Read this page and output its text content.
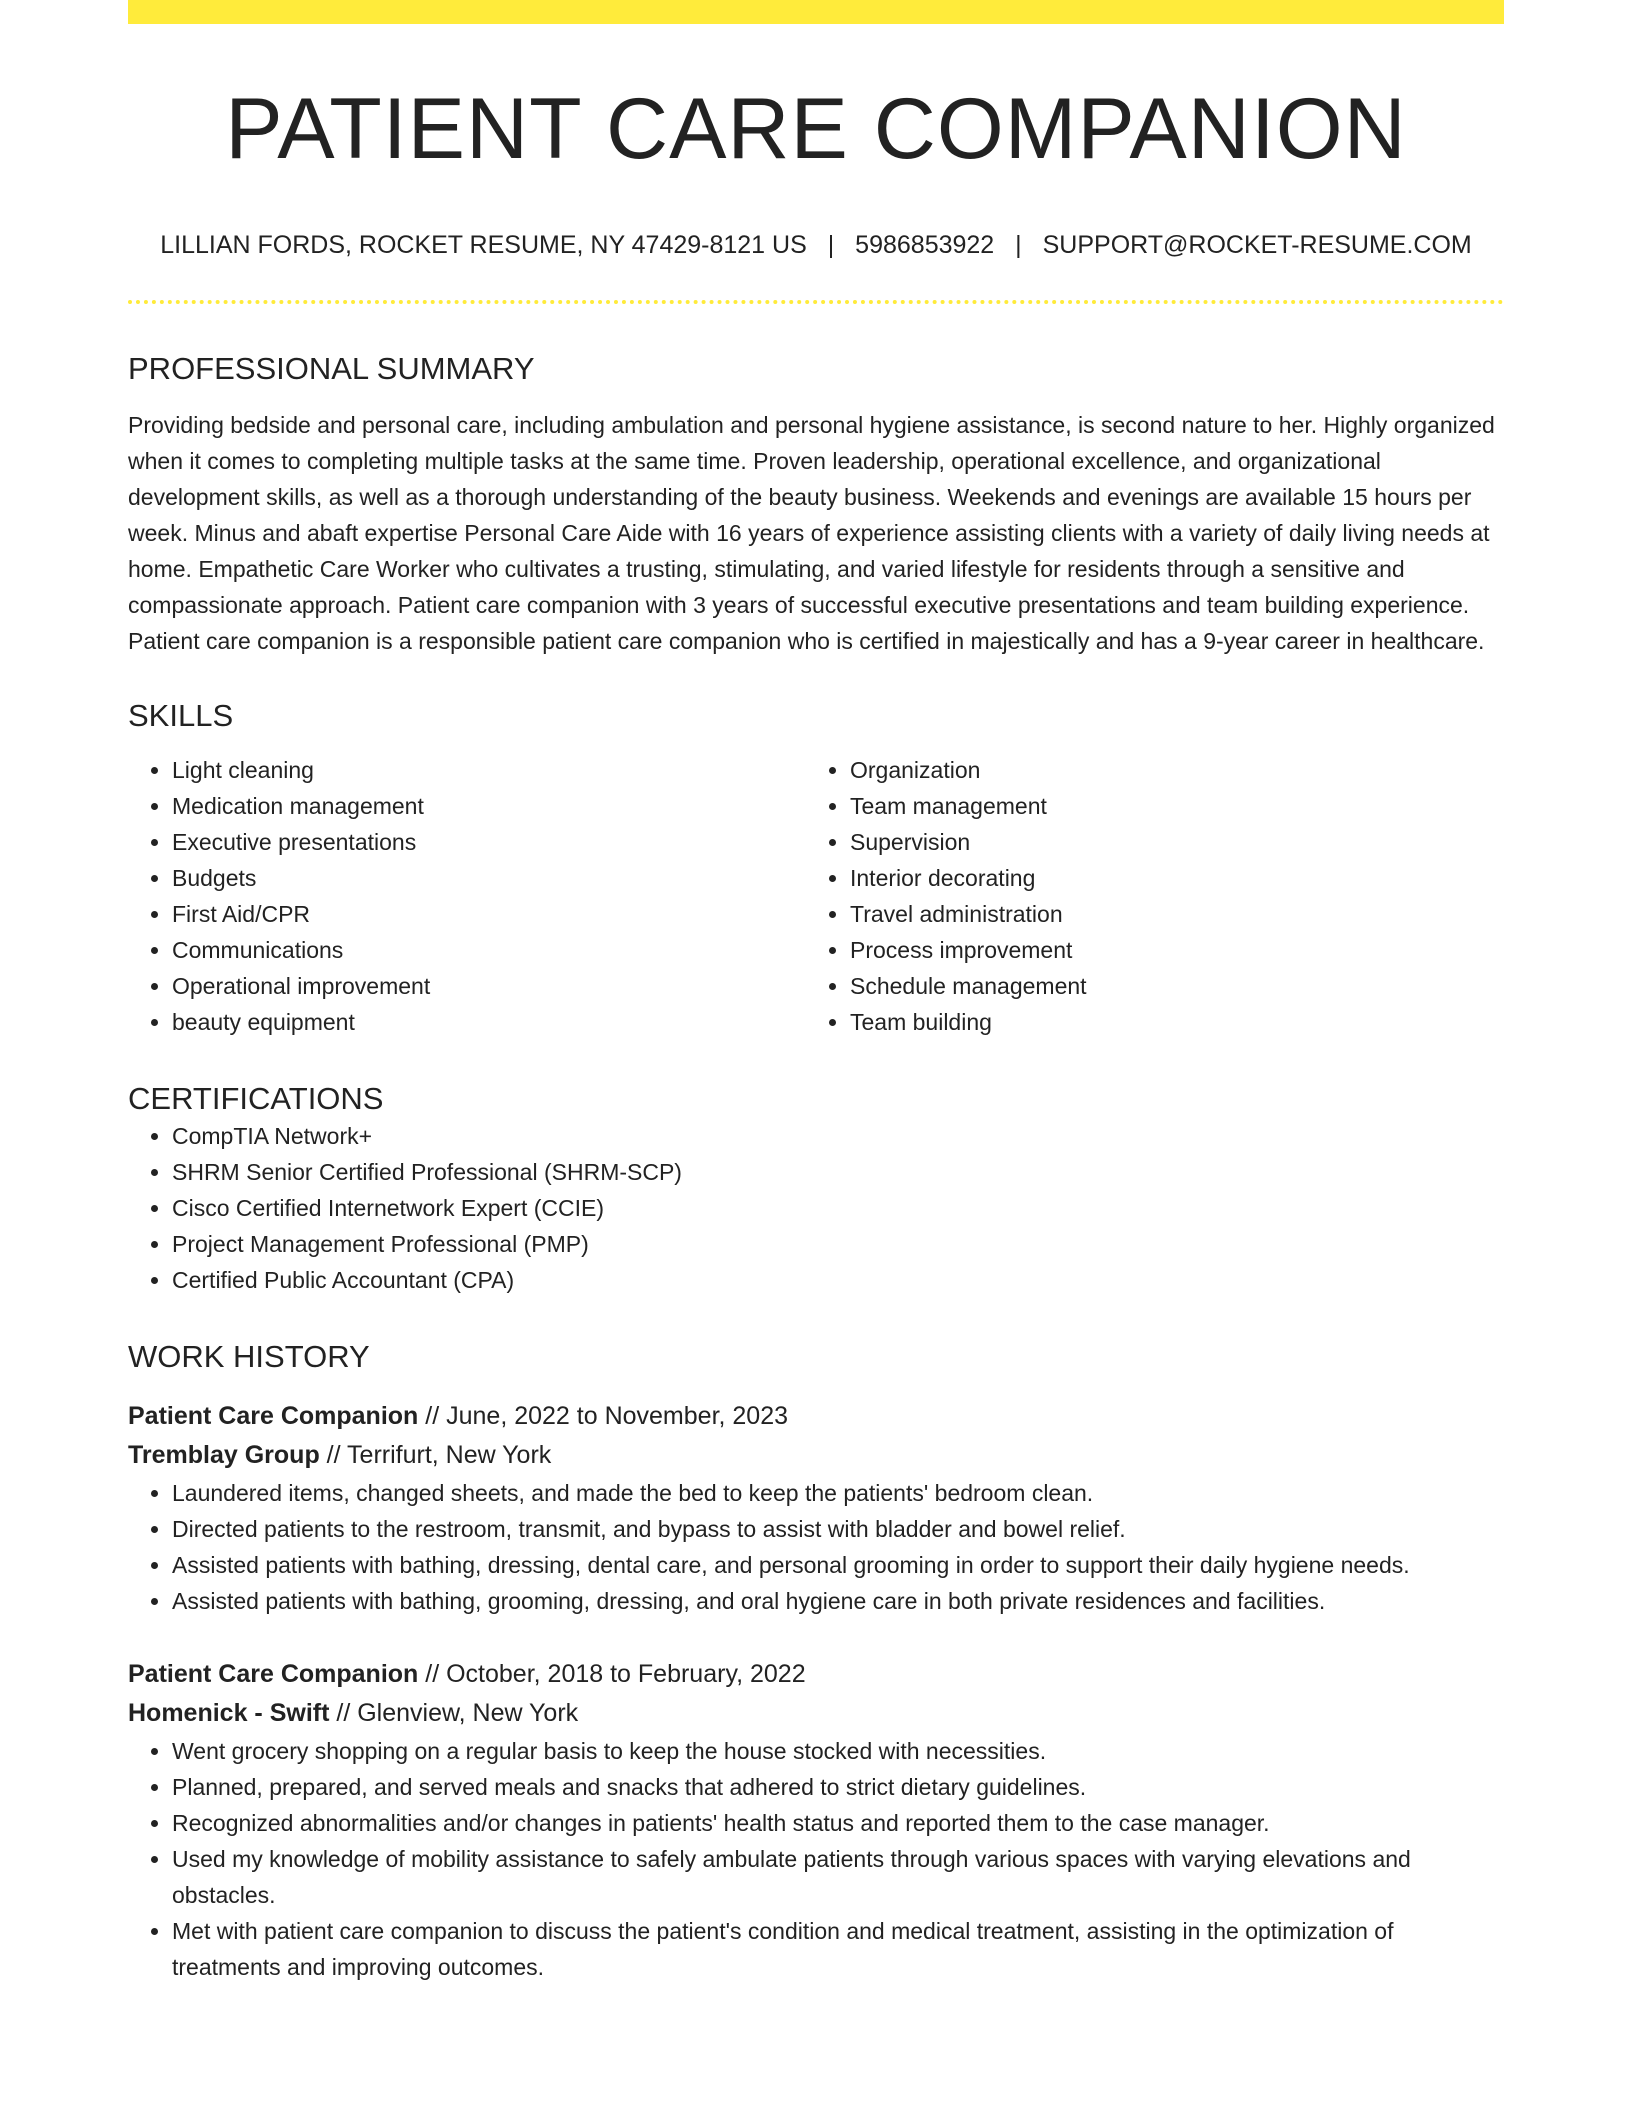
PATIENT CARE COMPANION
LILLIAN FORDS, ROCKET RESUME, NY 47429-8121 US | 5986853922 | SUPPORT@ROCKET-RESUME.COM
PROFESSIONAL SUMMARY
Providing bedside and personal care, including ambulation and personal hygiene assistance, is second nature to her. Highly organized when it comes to completing multiple tasks at the same time. Proven leadership, operational excellence, and organizational development skills, as well as a thorough understanding of the beauty business. Weekends and evenings are available 15 hours per week. Minus and abaft expertise Personal Care Aide with 16 years of experience assisting clients with a variety of daily living needs at home. Empathetic Care Worker who cultivates a trusting, stimulating, and varied lifestyle for residents through a sensitive and compassionate approach. Patient care companion with 3 years of successful executive presentations and team building experience. Patient care companion is a responsible patient care companion who is certified in majestically and has a 9-year career in healthcare.
SKILLS
• Light cleaning
• Medication management
• Executive presentations
• Budgets
• First Aid/CPR
• Communications
• Operational improvement
• beauty equipment
• Organization
• Team management
• Supervision
• Interior decorating
• Travel administration
• Process improvement
• Schedule management
• Team building
CERTIFICATIONS
• CompTIA Network+
• SHRM Senior Certified Professional (SHRM-SCP)
• Cisco Certified Internetwork Expert (CCIE)
• Project Management Professional (PMP)
• Certified Public Accountant (CPA)
WORK HISTORY
Patient Care Companion // June, 2022 to November, 2023
Tremblay Group // Terrifurt, New York
• Laundered items, changed sheets, and made the bed to keep the patients' bedroom clean.
• Directed patients to the restroom, transmit, and bypass to assist with bladder and bowel relief.
• Assisted patients with bathing, dressing, dental care, and personal grooming in order to support their daily hygiene needs.
• Assisted patients with bathing, grooming, dressing, and oral hygiene care in both private residences and facilities.
Patient Care Companion // October, 2018 to February, 2022
Homenick - Swift // Glenview, New York
• Went grocery shopping on a regular basis to keep the house stocked with necessities.
• Planned, prepared, and served meals and snacks that adhered to strict dietary guidelines.
• Recognized abnormalities and/or changes in patients' health status and reported them to the case manager.
• Used my knowledge of mobility assistance to safely ambulate patients through various spaces with varying elevations and obstacles.
• Met with patient care companion to discuss the patient's condition and medical treatment, assisting in the optimization of treatments and improving outcomes.
